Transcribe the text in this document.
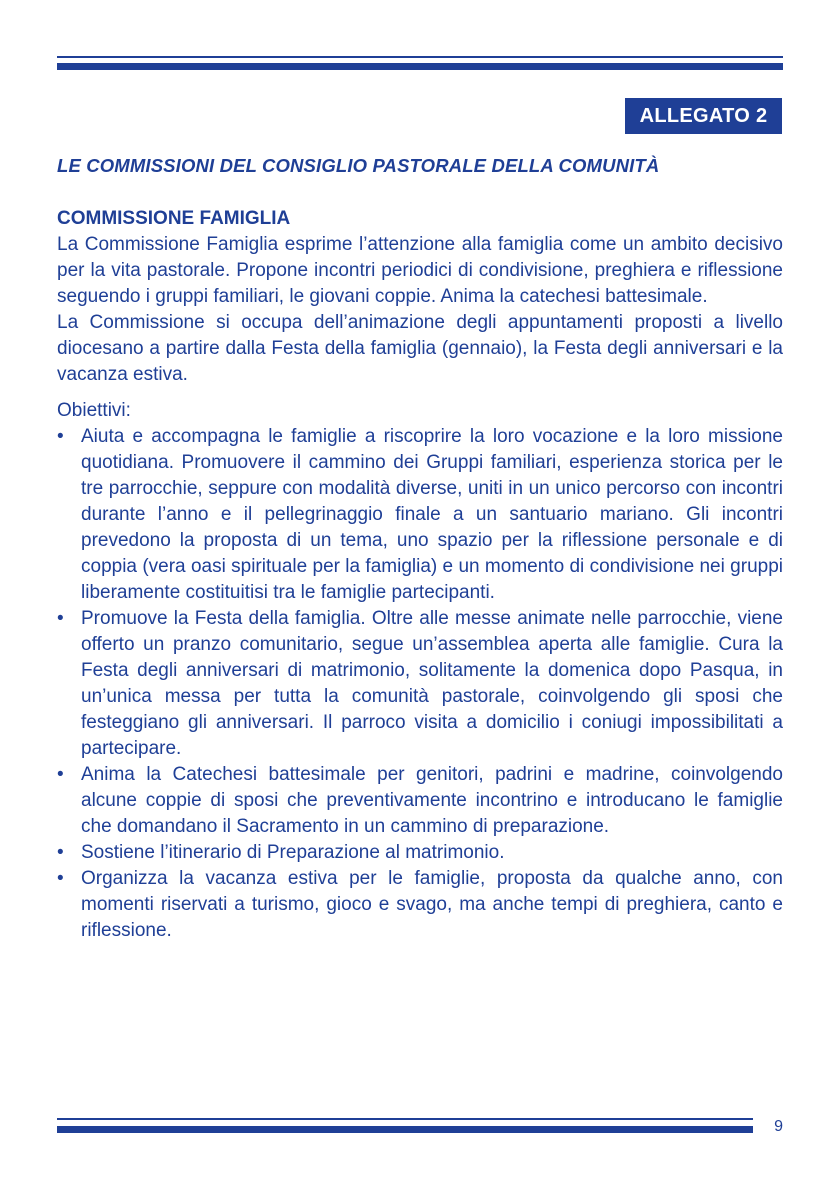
ALLEGATO 2
LE COMMISSIONI DEL CONSIGLIO PASTORALE DELLA COMUNITÀ

COMMISSIONE FAMIGLIA

La Commissione Famiglia esprime l’attenzione alla famiglia come un ambito decisivo per la vita pastorale. Propone incontri periodici di condivisione, preghiera e riflessione seguendo i gruppi familiari, le giovani coppie. Anima la catechesi battesimale.

La Commissione si occupa dell’animazione degli appuntamenti proposti a livello diocesano a partire dalla Festa della famiglia (gennaio), la Festa degli anniversari e la vacanza estiva.

Obiettivi:

• Aiuta e accompagna le famiglie a riscoprire la loro vocazione e la loro missione quotidiana. Promuovere il cammino dei Gruppi familiari, esperienza storica per le tre parrocchie, seppure con modalità diverse, uniti in un unico percorso con incontri durante l’anno e il pellegrinaggio finale a un santuario mariano. Gli incontri prevedono la proposta di un tema, uno spazio per la riflessione personale e di coppia (vera oasi spirituale per la famiglia) e un momento di condivisione nei gruppi liberamente costituitisi tra le famiglie partecipanti.
• Promuove la Festa della famiglia. Oltre alle messe animate nelle parrocchie, viene offerto un pranzo comunitario, segue un’assemblea aperta alle famiglie. Cura la Festa degli anniversari di matrimonio, solitamente la domenica dopo Pasqua, in un’unica messa per tutta la comunità pastorale, coinvolgendo gli sposi che festeggiano gli anniversari. Il parroco visita a domicilio i coniugi impossibilitati a partecipare.
• Anima la Catechesi battesimale per genitori, padrini e madrine, coinvolgendo alcune coppie di sposi che preventivamente incontrino e introducano le famiglie che domandano il Sacramento in un cammino di preparazione.
• Sostiene l’itinerario di Preparazione al matrimonio.
• Organizza la vacanza estiva per le famiglie, proposta da qualche anno, con momenti riservati a turismo, gioco e svago, ma anche tempi di preghiera, canto e riflessione.
9
